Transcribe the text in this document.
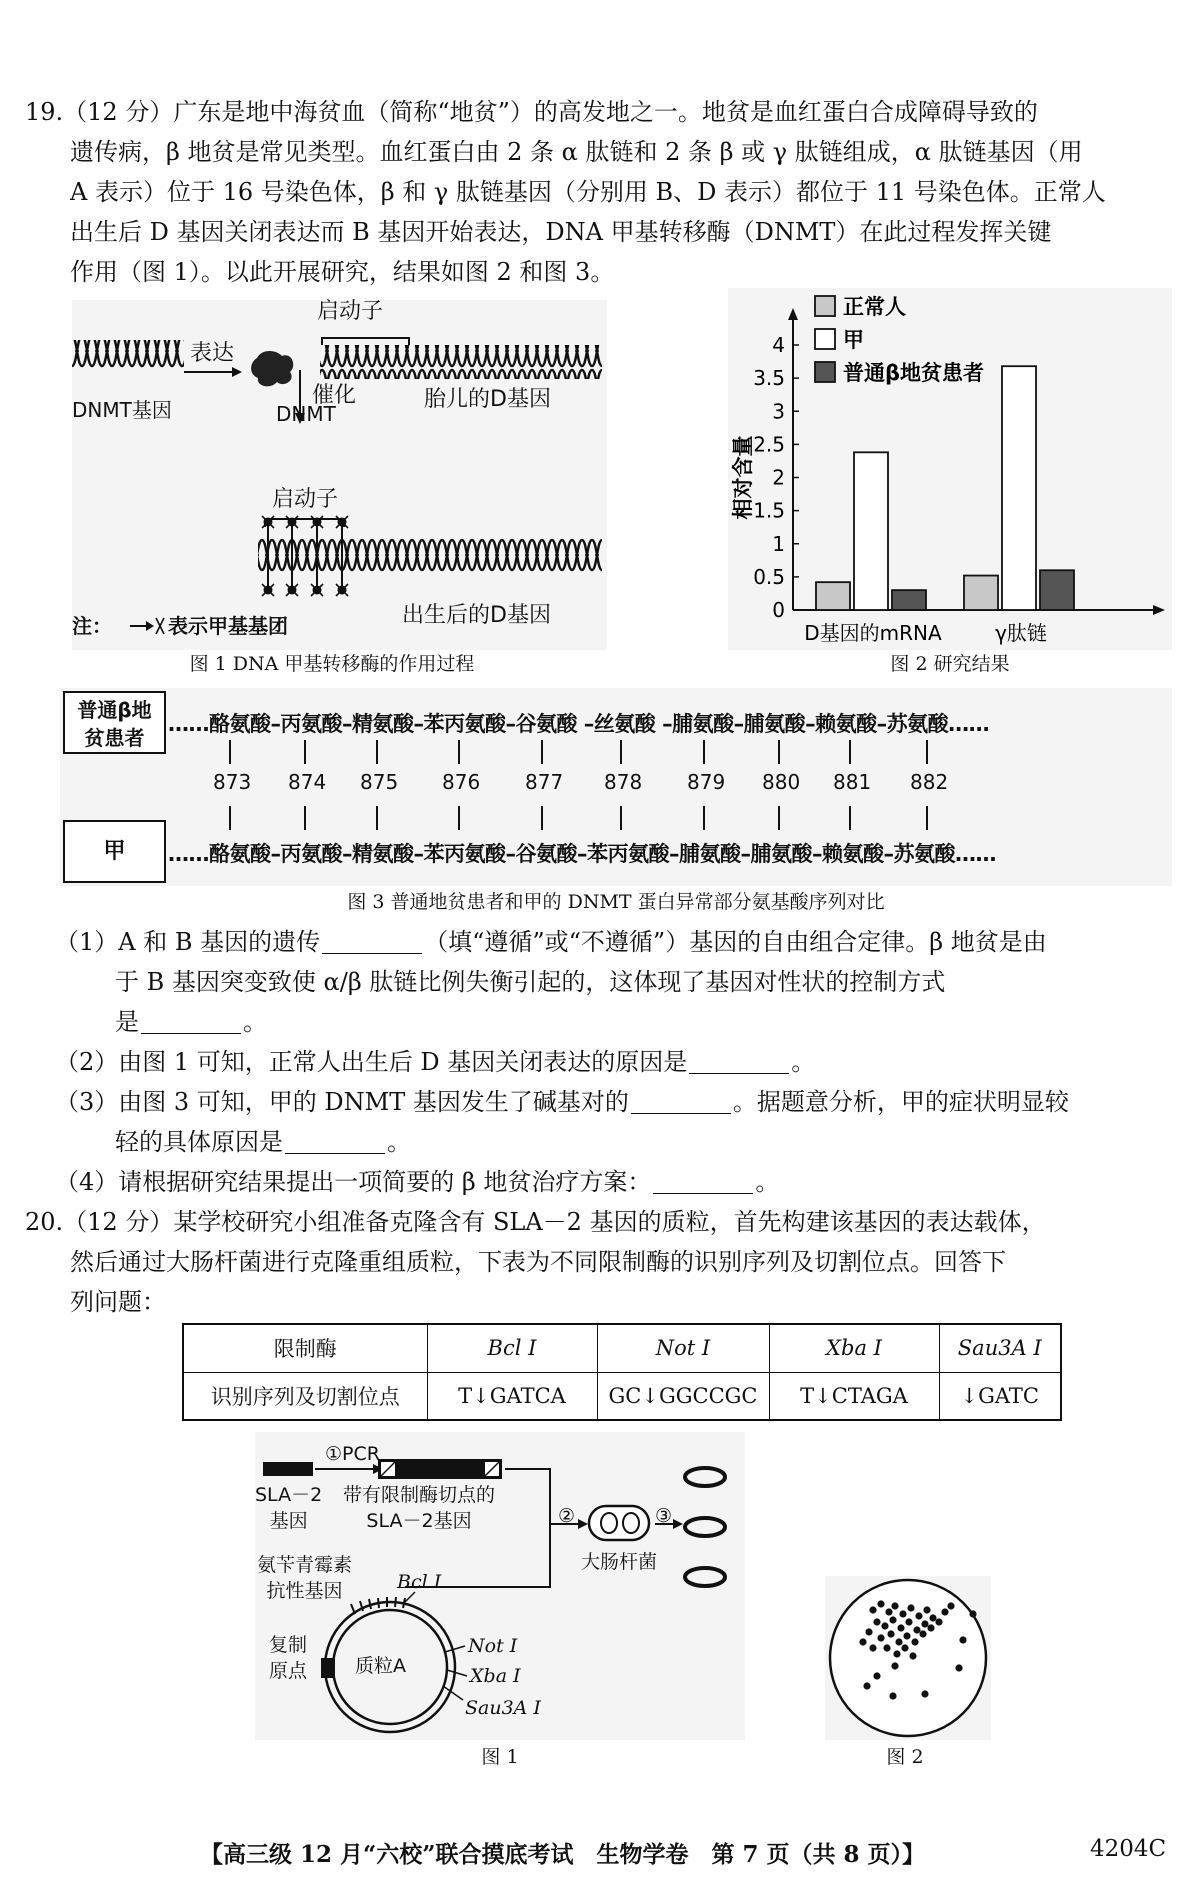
19.（12 分）广东是地中海贫血（简称“地贫”）的高发地之一。地贫是血红蛋白合成障碍导致的
遗传病，β 地贫是常见类型。血红蛋白由 2 条 α 肽链和 2 条 β 或 γ 肽链组成，α 肽链基因（用
A 表示）位于 16 号染色体，β 和 γ 肽链基因（分别用 B、D 表示）都位于 11 号染色体。正常人
出生后 D 基因关闭表达而 B 基因开始表达，DNA 甲基转移酶（DNMT）在此过程发挥关键
作用（图 1）。以此开展研究，结果如图 2 和图 3。
启动子
胎儿的D基因
DNMT基因
表达
DNMT
催化
启动子
出生后的D基因
注：	表示甲基基团
图 1 DNA 甲基转移酶的作用过程
0
0.5
1
1.5
2
2.5
3
3.5
4
相对含量
D基因的mRNA	γ肽链
正常人
甲
普通β地贫患者
图 2 研究结果
普通β地
贫患者
甲
……酪氨酸–丙氨酸–精氨酸–苯丙氨酸–谷氨酸 –丝氨酸 –脯氨酸–脯氨酸–赖氨酸–苏氨酸……
……酪氨酸–丙氨酸–精氨酸–苯丙氨酸–谷氨酸–苯丙氨酸–脯氨酸–脯氨酸–赖氨酸–苏氨酸……
873 874 875 876 877 878 879 880 881 882
图 3 普通地贫患者和甲的 DNMT 蛋白异常部分氨基酸序列对比
（1）A 和 B 基因的遗传	（填“遵循”或“不遵循”）基因的自由组合定律。β 地贫是由
于 B 基因突变致使 α/β 肽链比例失衡引起的，这体现了基因对性状的控制方式
是	。
（2）由图 1 可知，正常人出生后 D 基因关闭表达的原因是	。
（3）由图 3 可知，甲的 DNMT 基因发生了碱基对的	。据题意分析，甲的症状明显较
轻的具体原因是	。
（4）请根据研究结果提出一项简要的 β 地贫治疗方案：	。
20.（12 分）某学校研究小组准备克隆含有 SLA－2 基因的质粒，首先构建该基因的表达载体，
然后通过大肠杆菌进行克隆重组质粒，下表为不同限制酶的识别序列及切割位点。回答下
列问题：
限制酶	Bcl Ⅰ	Not Ⅰ	Xba Ⅰ	Sau3A Ⅰ
识别序列及切割位点	T↓GATCA	GC↓GGCCGC	T↓CTAGA	↓GATC
①PCR
SLA－2
基因
带有限制酶切点的
SLA－2基因	②	③
大肠杆菌
氨苄青霉素
抗性基因
复制
原点	质粒A
Bcl Ⅰ
Not Ⅰ
Xba Ⅰ
Sau3A Ⅰ
图 1	图 2
【高三级 12 月“六校”联合摸底考试　生物学卷　第 7 页（共 8 页）】	4204C
